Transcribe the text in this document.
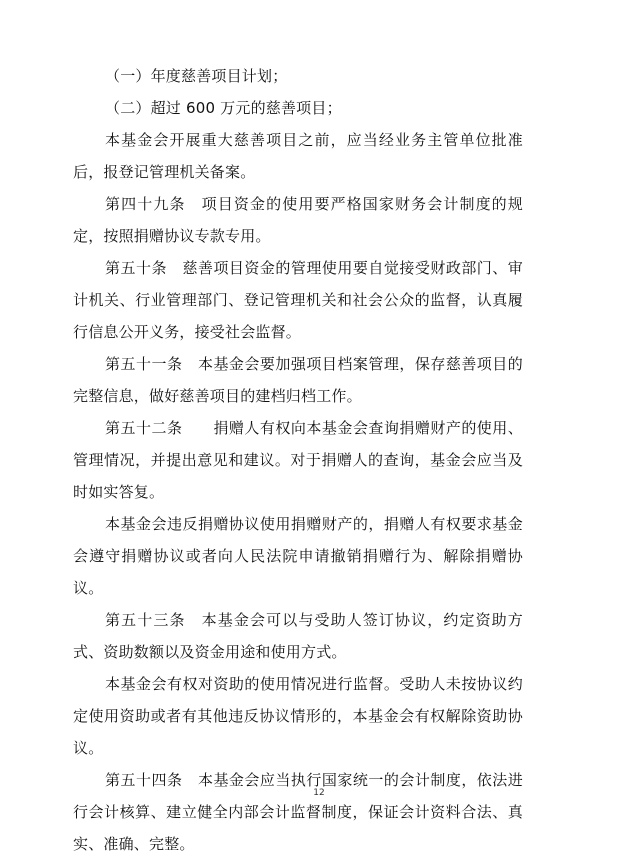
（一）年度慈善项目计划；

（二）超过 600 万元的慈善项目；

本基金会开展重大慈善项目之前，应当经业务主管单位批准后，报登记管理机关备案。

第四十九条　项目资金的使用要严格国家财务会计制度的规定，按照捐赠协议专款专用。

第五十条　慈善项目资金的管理使用要自觉接受财政部门、审计机关、行业管理部门、登记管理机关和社会公众的监督，认真履行信息公开义务，接受社会监督。

第五十一条　本基金会要加强项目档案管理，保存慈善项目的完整信息，做好慈善项目的建档归档工作。

第五十二条　　捐赠人有权向本基金会查询捐赠财产的使用、管理情况，并提出意见和建议。对于捐赠人的查询，基金会应当及时如实答复。

本基金会违反捐赠协议使用捐赠财产的，捐赠人有权要求基金会遵守捐赠协议或者向人民法院申请撤销捐赠行为、解除捐赠协议。

第五十三条　本基金会可以与受助人签订协议，约定资助方式、资助数额以及资金用途和使用方式。

本基金会有权对资助的使用情况进行监督。受助人未按协议约定使用资助或者有其他违反协议情形的，本基金会有权解除资助协议。

第五十四条　本基金会应当执行国家统一的会计制度，依法进行会计核算、建立健全内部会计监督制度，保证会计资料合法、真实、准确、完整。

12
